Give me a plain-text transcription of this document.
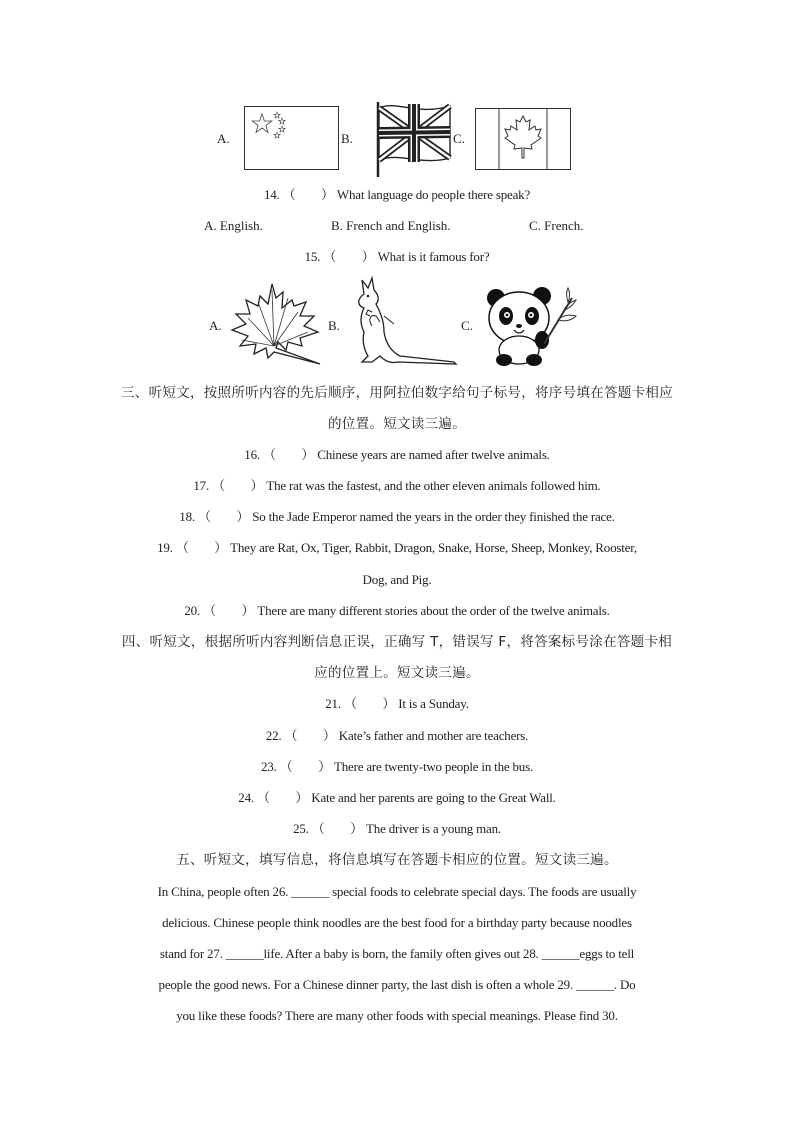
A.	B.	C.
14. （　　） What language do people there speak?
A. English.	B. French and English.	C. French.
15. （　　） What is it famous for?
A.	B.	C.
三、听短文，按照所听内容的先后顺序，用阿拉伯数字给句子标号，将序号填在答题卡相应
的位置。短文读三遍。
16. （　　） Chinese years are named after twelve animals.
17. （　　） The rat was the fastest, and the other eleven animals followed him.
18. （　　） So the Jade Emperor named the years in the order they finished the race.
19. （　　） They are Rat, Ox, Tiger, Rabbit, Dragon, Snake, Horse, Sheep, Monkey, Rooster,
Dog, and Pig.
20. （　　） There are many different stories about the order of the twelve animals.
四、听短文，根据所听内容判断信息正误，正确写 T，错误写 F，将答案标号涂在答题卡相
应的位置上。短文读三遍。
21. （　　） It is a Sunday.
22. （　　） Kate’s father and mother are teachers.
23. （　　） There are twenty-two people in the bus.
24. （　　） Kate and her parents are going to the Great Wall.
25. （　　） The driver is a young man.
五、听短文，填写信息，将信息填写在答题卡相应的位置。短文读三遍。
In China, people often 26. ______ special foods to celebrate special days. The foods are usually
delicious. Chinese people think noodles are the best food for a birthday party because noodles
stand for 27. ______life. After a baby is born, the family often gives out 28. ______eggs to tell
people the good news. For a Chinese dinner party, the last dish is often a whole 29. ______. Do
you like these foods? There are many other foods with special meanings. Please find 30.
